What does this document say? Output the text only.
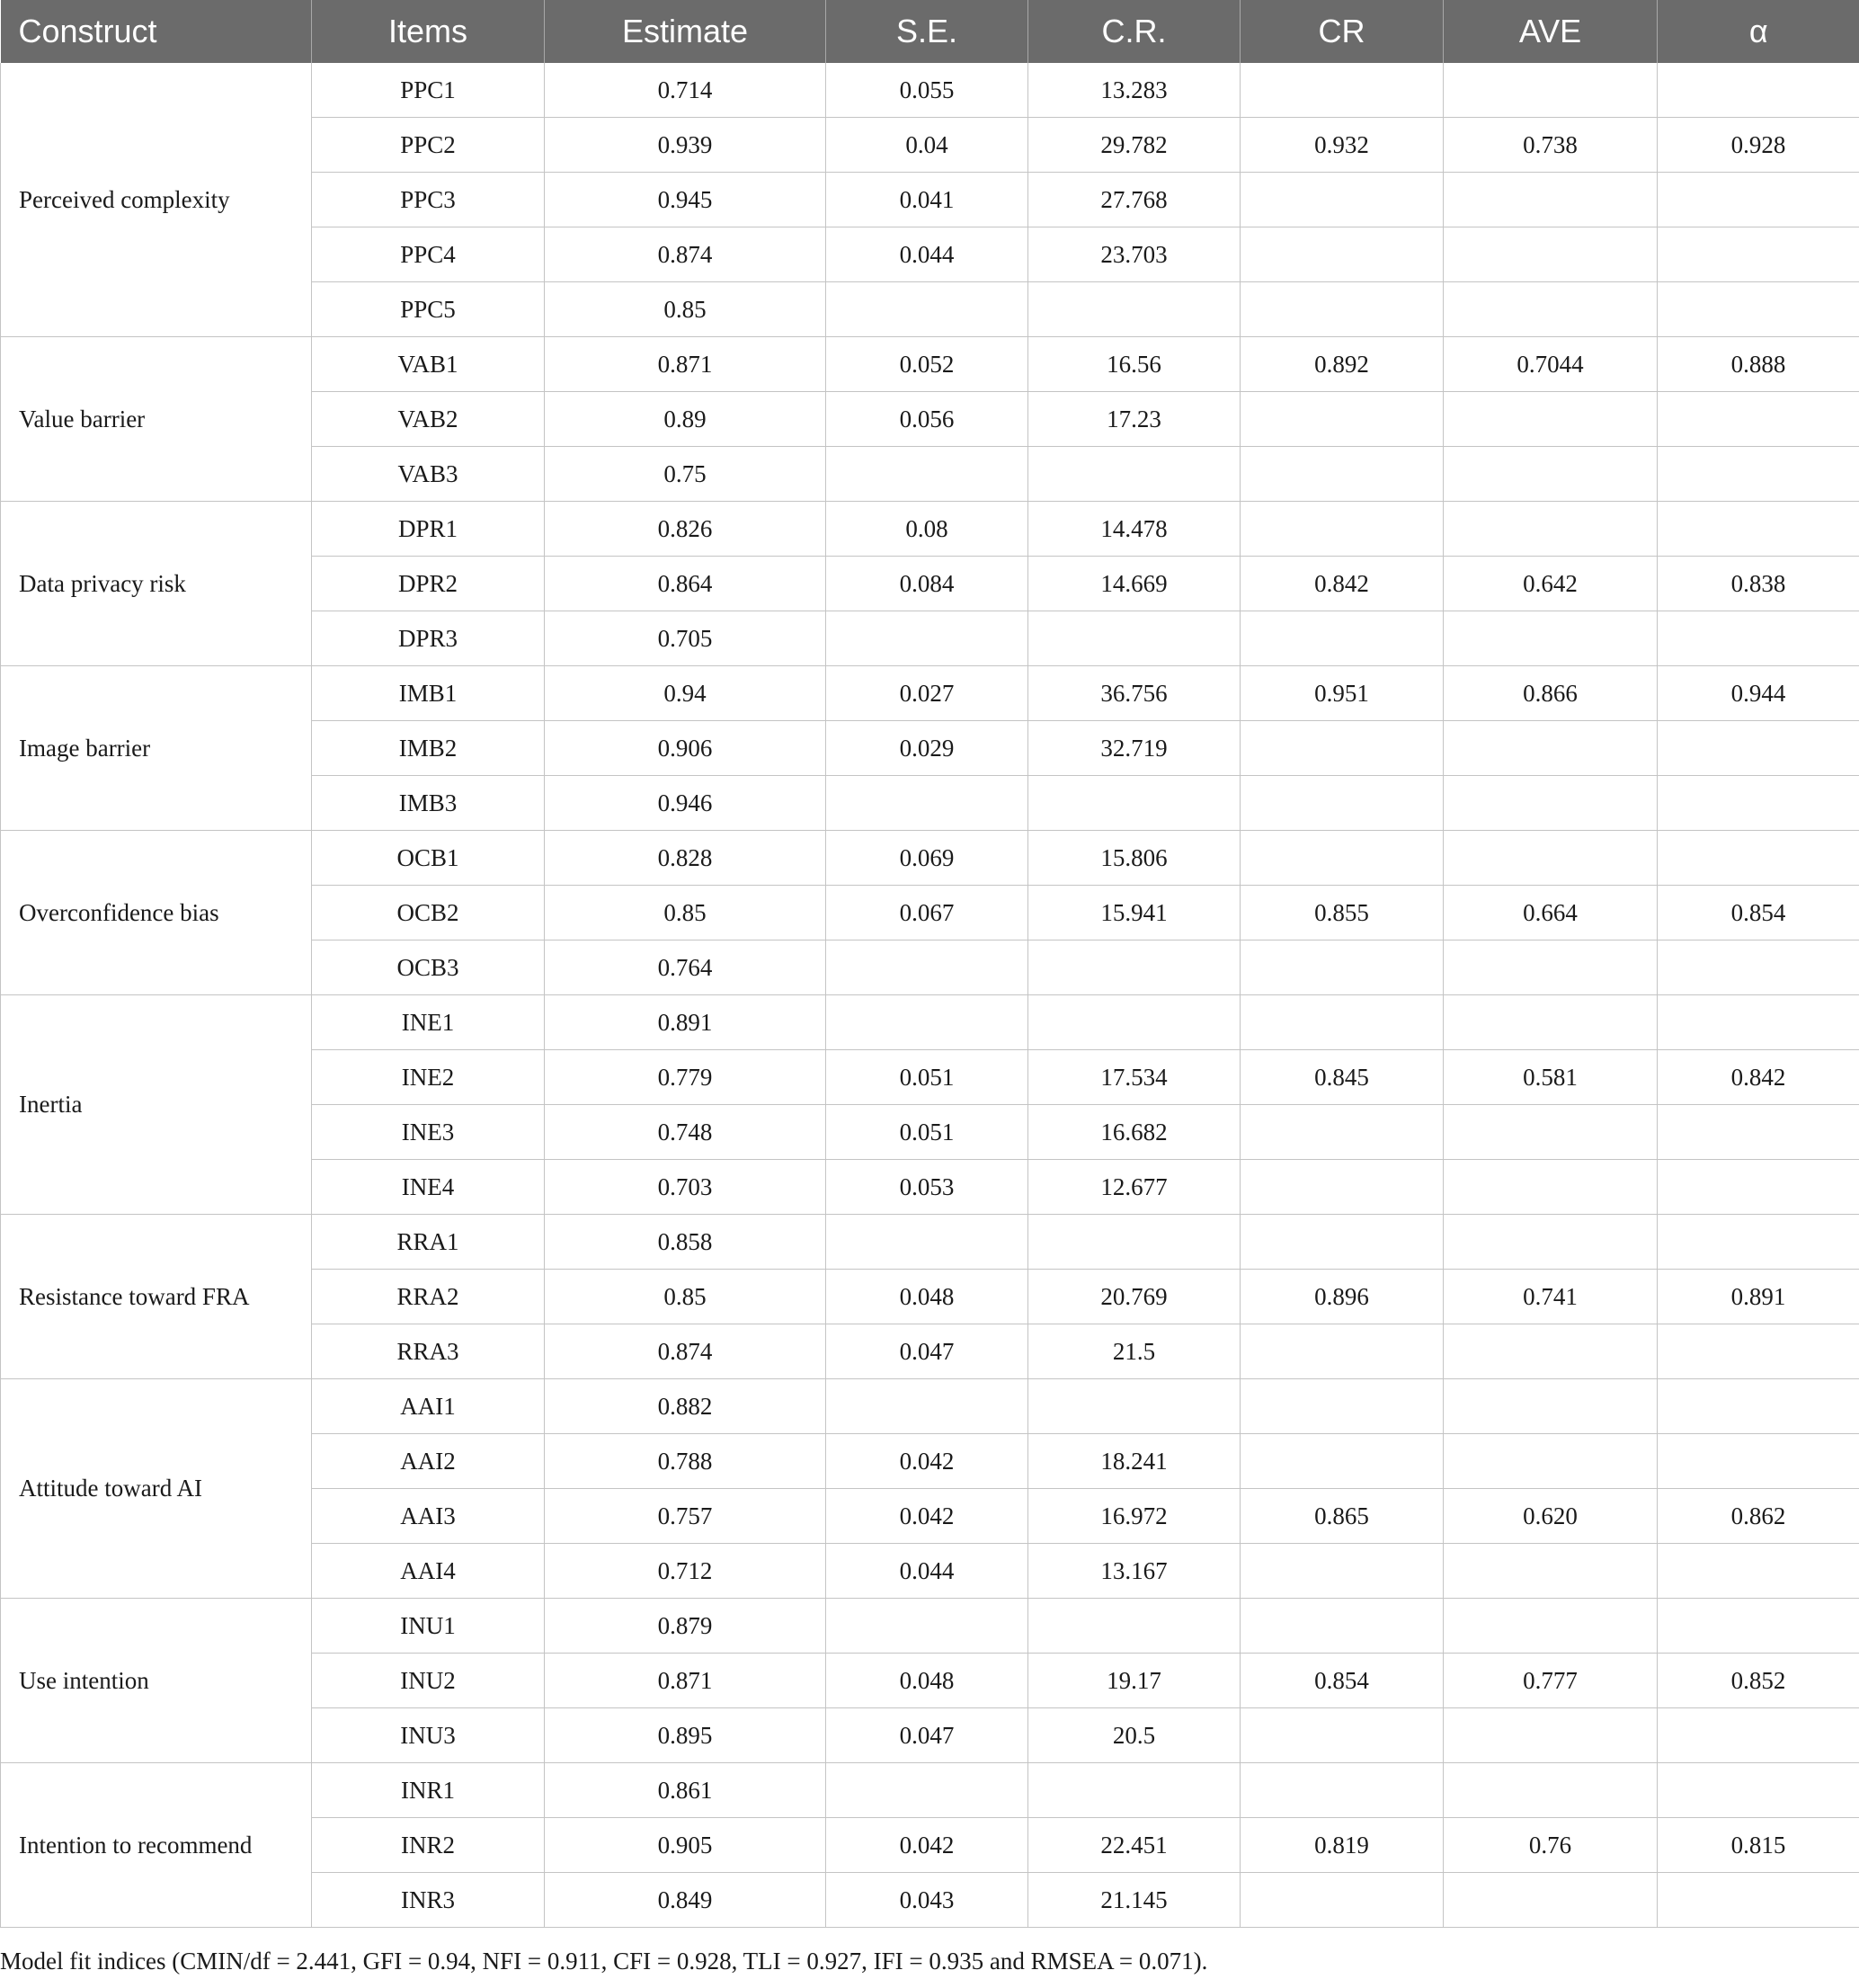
Construct	Items	Estimate	S.E.	C.R.	CR	AVE	α
Perceived complexity	PPC1	0.714	0.055	13.283			
	PPC2	0.939	0.04	29.782	0.932	0.738	0.928
	PPC3	0.945	0.041	27.768			
	PPC4	0.874	0.044	23.703			
	PPC5	0.85					
Value barrier	VAB1	0.871	0.052	16.56	0.892	0.7044	0.888
	VAB2	0.89	0.056	17.23			
	VAB3	0.75					
Data privacy risk	DPR1	0.826	0.08	14.478			
	DPR2	0.864	0.084	14.669	0.842	0.642	0.838
	DPR3	0.705					
Image barrier	IMB1	0.94	0.027	36.756	0.951	0.866	0.944
	IMB2	0.906	0.029	32.719			
	IMB3	0.946					
Overconfidence bias	OCB1	0.828	0.069	15.806			
	OCB2	0.85	0.067	15.941	0.855	0.664	0.854
	OCB3	0.764					
Inertia	INE1	0.891					
	INE2	0.779	0.051	17.534	0.845	0.581	0.842
	INE3	0.748	0.051	16.682			
	INE4	0.703	0.053	12.677			
Resistance toward FRA	RRA1	0.858					
	RRA2	0.85	0.048	20.769	0.896	0.741	0.891
	RRA3	0.874	0.047	21.5			
Attitude toward AI	AAI1	0.882					
	AAI2	0.788	0.042	18.241			
	AAI3	0.757	0.042	16.972	0.865	0.620	0.862
	AAI4	0.712	0.044	13.167			
Use intention	INU1	0.879					
	INU2	0.871	0.048	19.17	0.854	0.777	0.852
	INU3	0.895	0.047	20.5			
Intention to recommend	INR1	0.861					
	INR2	0.905	0.042	22.451	0.819	0.76	0.815
	INR3	0.849	0.043	21.145			
Model fit indices (CMIN/df = 2.441, GFI = 0.94, NFI = 0.911, CFI = 0.928, TLI = 0.927, IFI = 0.935 and RMSEA = 0.071).
